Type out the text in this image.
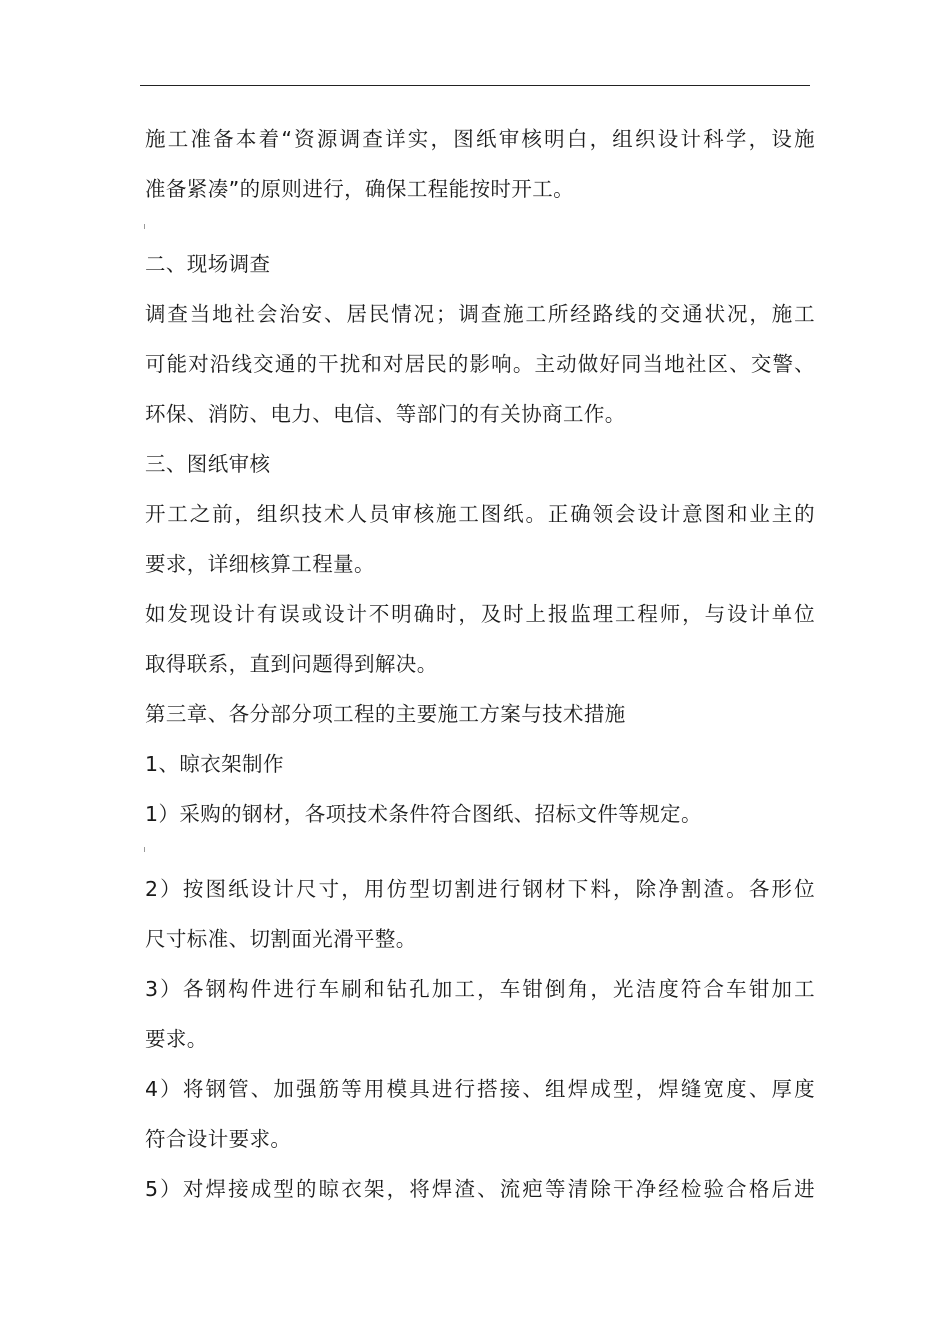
施工准备本着“资源调查详实，图纸审核明白，组织设计科学，设施
准备紧凑”的原则进行，确保工程能按时开工。
二、现场调查
调查当地社会治安、居民情况；调查施工所经路线的交通状况，施工
可能对沿线交通的干扰和对居民的影响。主动做好同当地社区、交警、
环保、消防、电力、电信、等部门的有关协商工作。
三、图纸审核
开工之前，组织技术人员审核施工图纸。正确领会设计意图和业主的
要求，详细核算工程量。
如发现设计有误或设计不明确时，及时上报监理工程师，与设计单位
取得联系，直到问题得到解决。
第三章、各分部分项工程的主要施工方案与技术措施
1、晾衣架制作
1）采购的钢材，各项技术条件符合图纸、招标文件等规定。
2）按图纸设计尺寸，用仿型切割进行钢材下料，除净割渣。各形位
尺寸标准、切割面光滑平整。
3）各钢构件进行车刷和钻孔加工，车钳倒角，光洁度符合车钳加工
要求。
4）将钢管、加强筋等用模具进行搭接、组焊成型，焊缝宽度、厚度
符合设计要求。
5）对焊接成型的晾衣架，将焊渣、流疤等清除干净经检验合格后进
